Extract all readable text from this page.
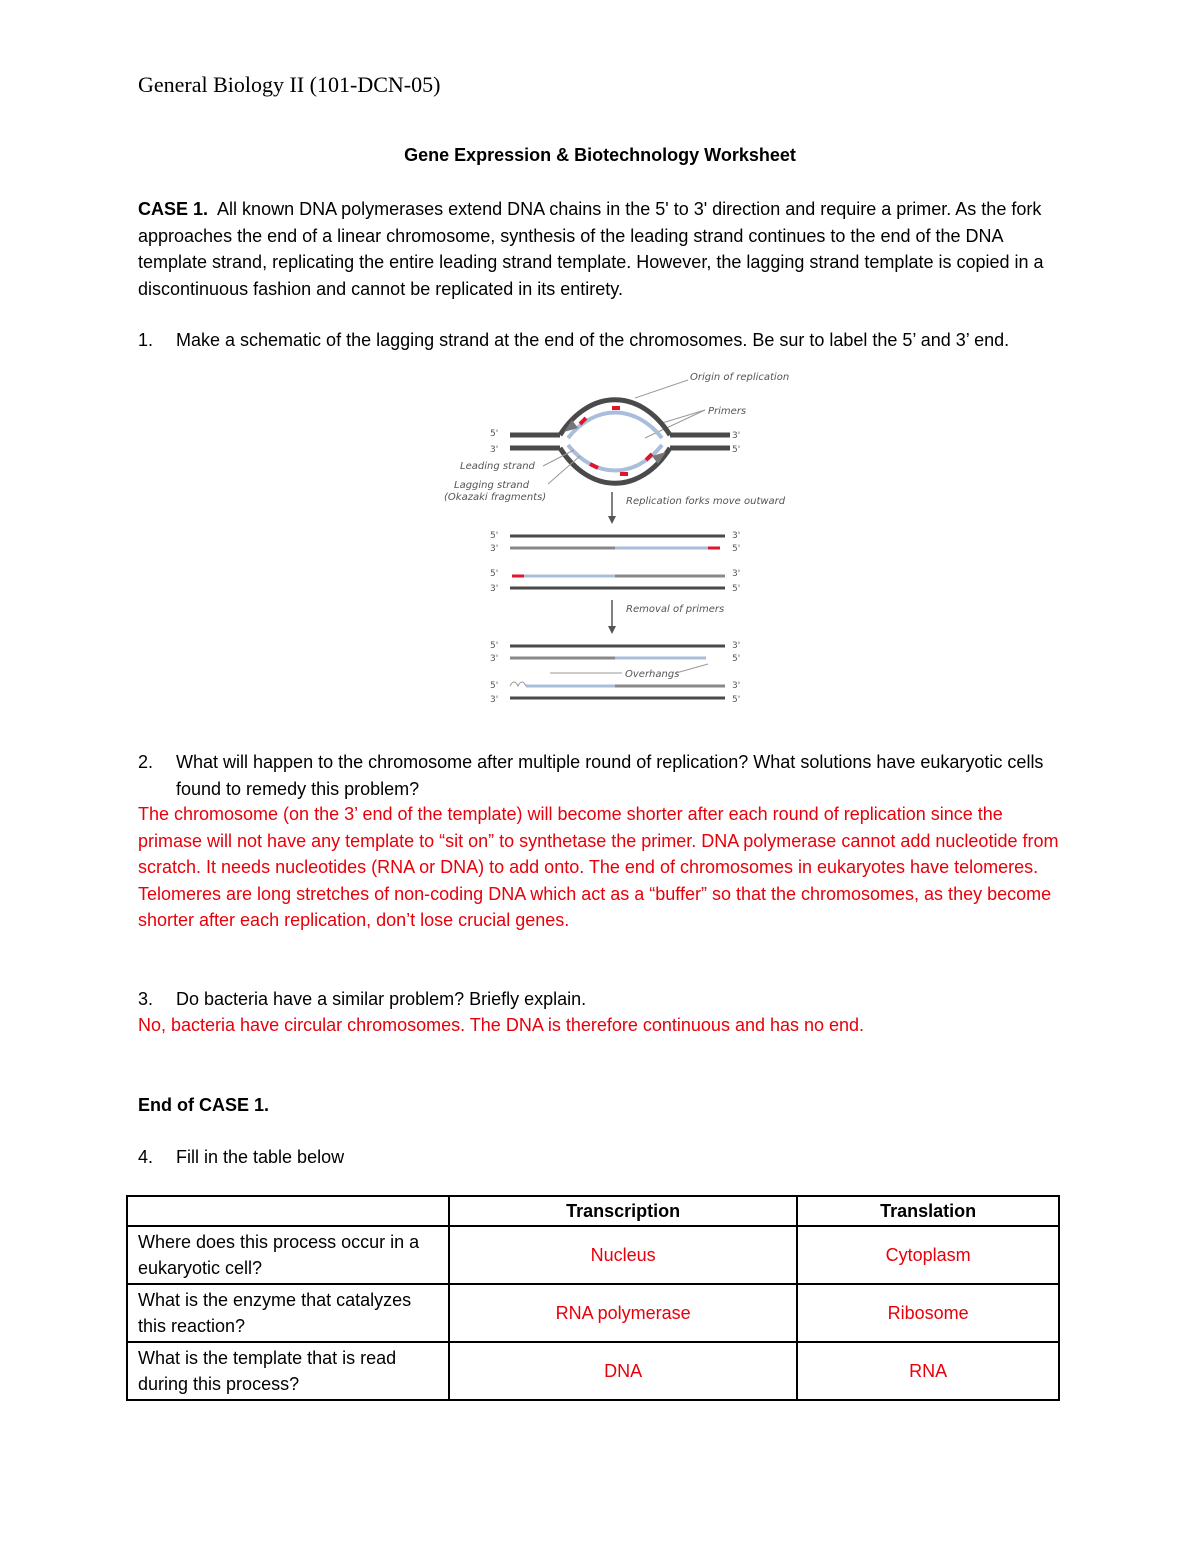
General Biology II (101-DCN-05)
Gene Expression & Biotechnology Worksheet
CASE 1. All known DNA polymerases extend DNA chains in the 5' to 3' direction and require a primer. As the fork approaches the end of a linear chromosome, synthesis of the leading strand continues to the end of the DNA template strand, replicating the entire leading strand template. However, the lagging strand template is copied in a discontinuous fashion and cannot be replicated in its entirety.
1. Make a schematic of the lagging strand at the end of the chromosomes. Be sur to label the 5’ and 3’ end.
Origin of replication
Primers
5'
3'
3'
5'
Leading strand
Lagging strand
(Okazaki fragments)	Replication forks move outward
5'
3'
3'
5'
5'
3'
3'
5'
Removal of primers
5'
3'
3'
5'
5'
3'
3'
5'
Overhangs
2. What will happen to the chromosome after multiple round of replication? What solutions have eukaryotic cells found to remedy this problem?
The chromosome (on the 3’ end of the template) will become shorter after each round of replication since the primase will not have any template to “sit on” to synthetase the primer. DNA polymerase cannot add nucleotide from scratch. It needs nucleotides (RNA or DNA) to add onto. The end of chromosomes in eukaryotes have telomeres. Telomeres are long stretches of non-coding DNA which act as a “buffer” so that the chromosomes, as they become shorter after each replication, don’t lose crucial genes.
3. Do bacteria have a similar problem? Briefly explain.
No, bacteria have circular chromosomes. The DNA is therefore continuous and has no end.
End of CASE 1.
4. Fill in the table below
	Transcription	Translation
Where does this process occur in a eukaryotic cell?	Nucleus	Cytoplasm
What is the enzyme that catalyzes this reaction?	RNA polymerase	Ribosome
What is the template that is read during this process?	DNA	RNA
